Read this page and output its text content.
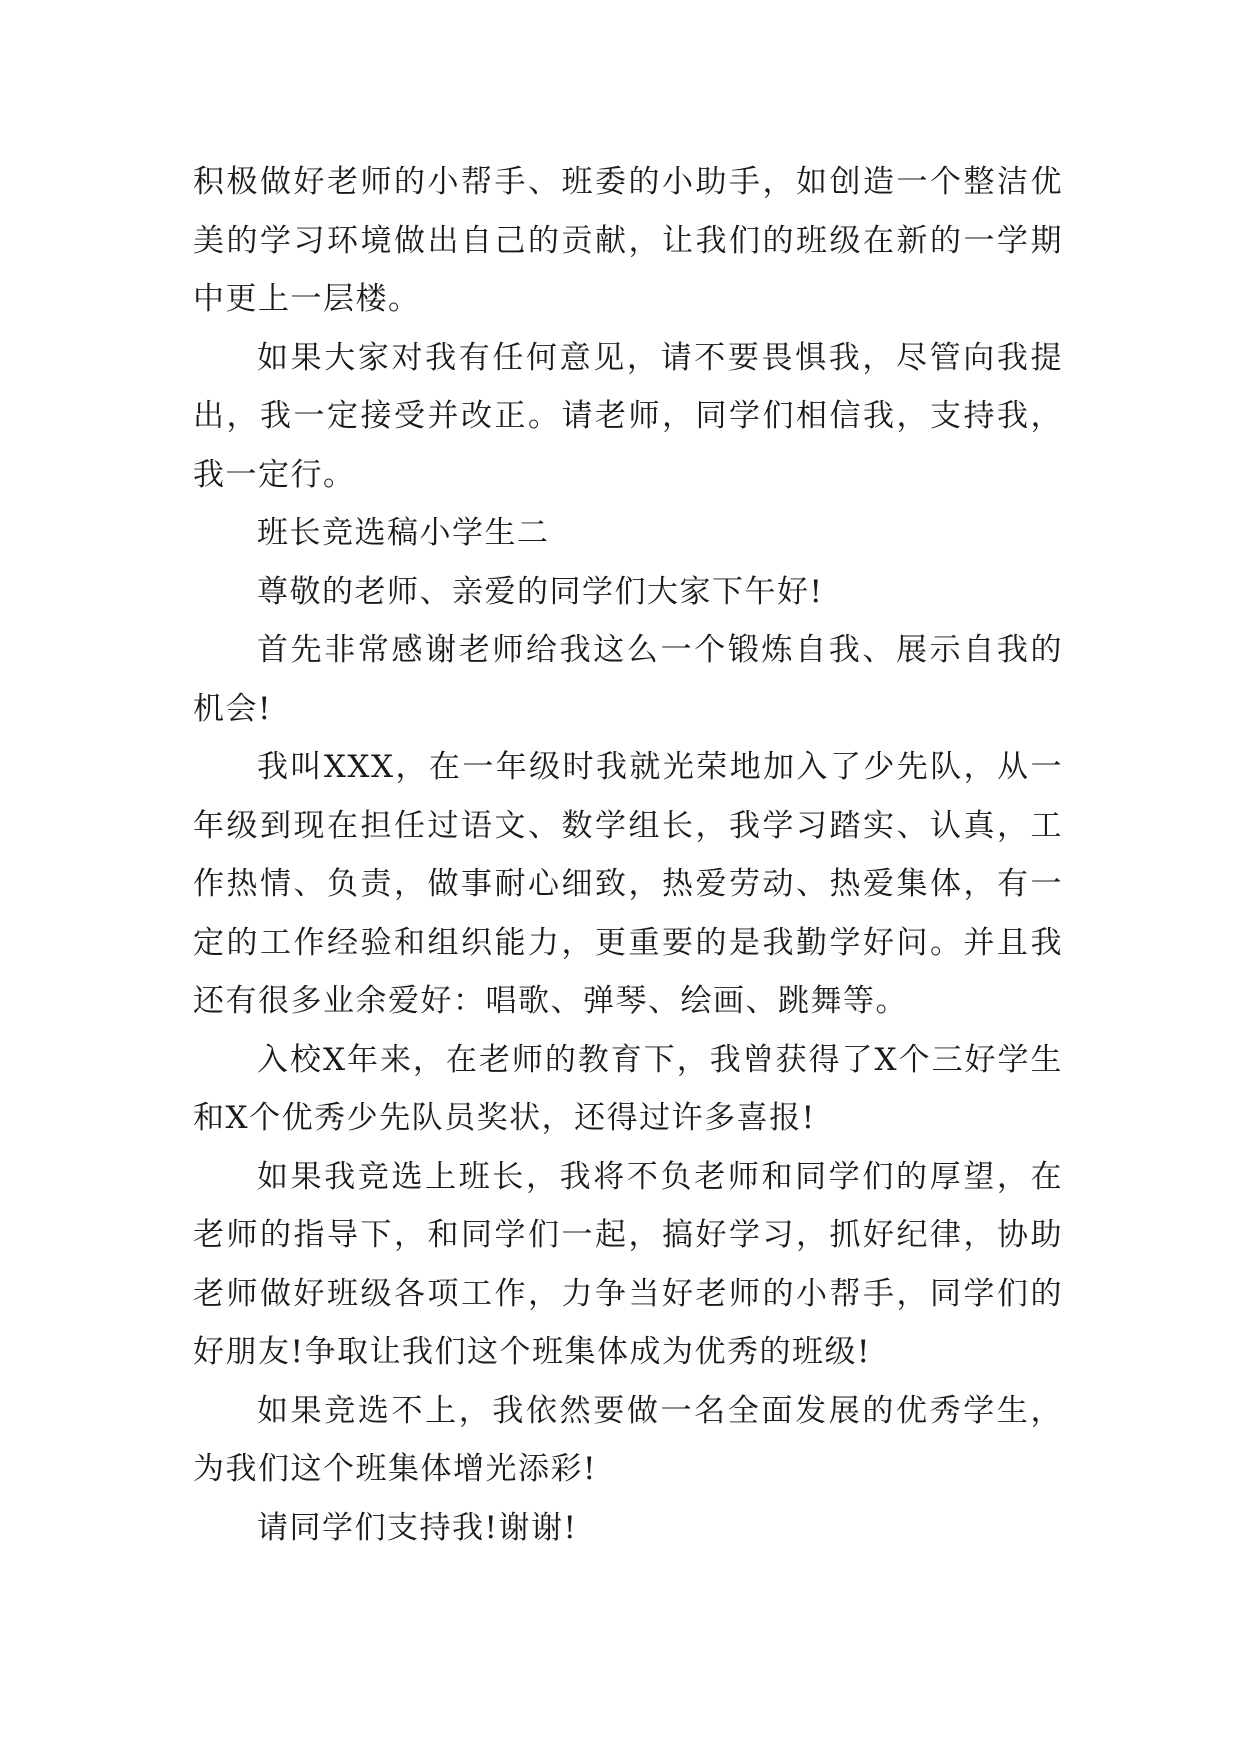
积极做好老师的小帮手、班委的小助手，如创造一个整洁优美的学习环境做出自己的贡献，让我们的班级在新的一学期中更上一层楼。

如果大家对我有任何意见，请不要畏惧我，尽管向我提出，我一定接受并改正。请老师，同学们相信我，支持我，我一定行。

班长竞选稿小学生二

尊敬的老师、亲爱的同学们大家下午好!

首先非常感谢老师给我这么一个锻炼自我、展示自我的机会!

我叫XXX，在一年级时我就光荣地加入了少先队，从一年级到现在担任过语文、数学组长，我学习踏实、认真，工作热情、负责，做事耐心细致，热爱劳动、热爱集体，有一定的工作经验和组织能力，更重要的是我勤学好问。并且我还有很多业余爱好：唱歌、弹琴、绘画、跳舞等。

入校X年来，在老师的教育下，我曾获得了X个三好学生和X个优秀少先队员奖状，还得过许多喜报!

如果我竞选上班长，我将不负老师和同学们的厚望，在老师的指导下，和同学们一起，搞好学习，抓好纪律，协助老师做好班级各项工作，力争当好老师的小帮手，同学们的好朋友!争取让我们这个班集体成为优秀的班级!

如果竞选不上，我依然要做一名全面发展的优秀学生，为我们这个班集体增光添彩!

请同学们支持我!谢谢!
